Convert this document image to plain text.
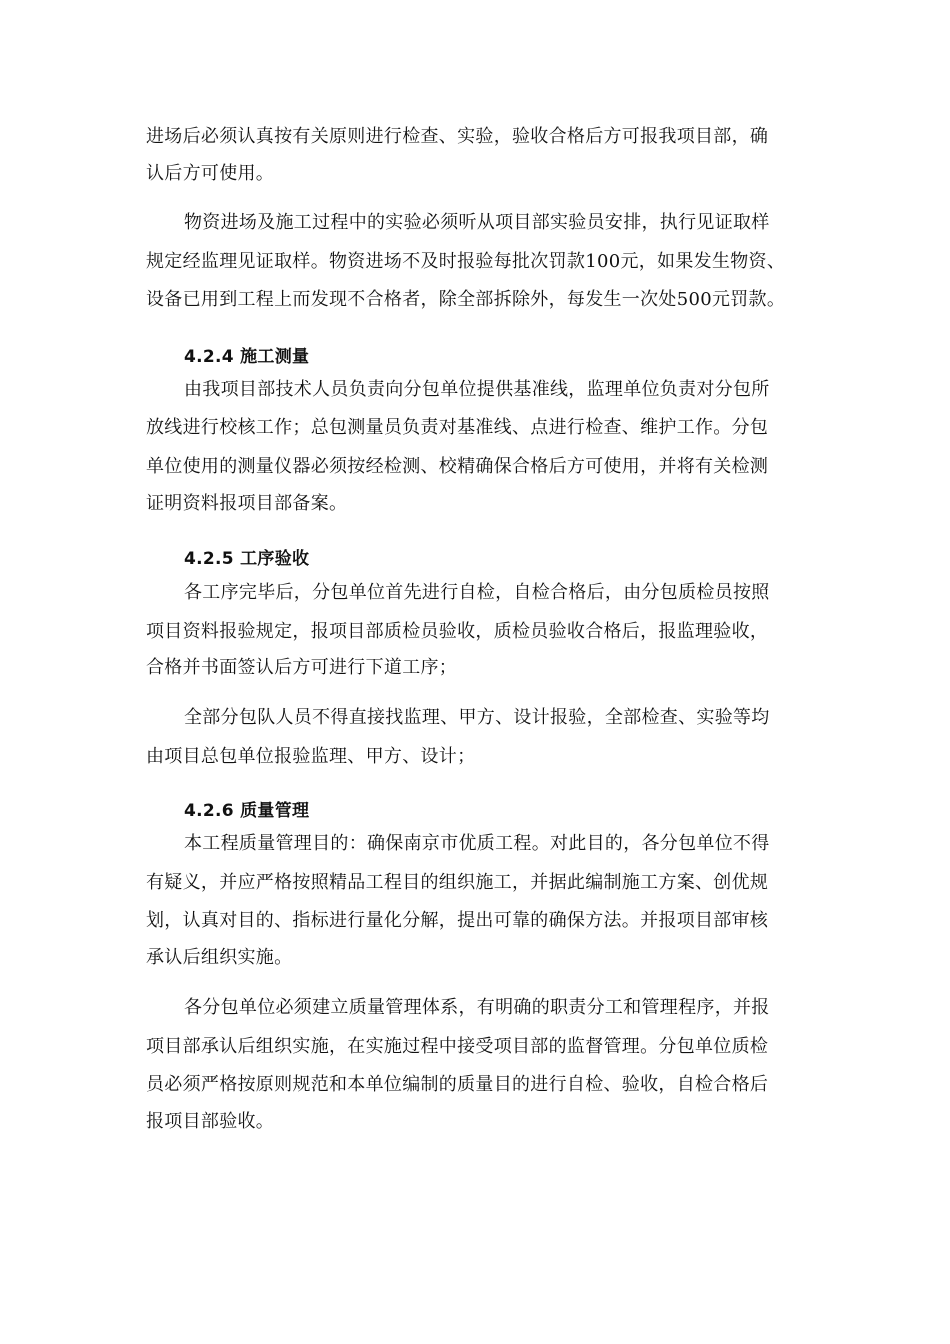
进场后必须认真按有关原则进行检查、实验，验收合格后方可报我项目部，确
认后方可使用。
物资进场及施工过程中的实验必须听从项目部实验员安排，执行见证取样
规定经监理见证取样。物资进场不及时报验每批次罚款100元，如果发生物资、
设备已用到工程上而发现不合格者，除全部拆除外，每发生一次处500元罚款。
4.2.4 施工测量
由我项目部技术人员负责向分包单位提供基准线，监理单位负责对分包所
放线进行校核工作；总包测量员负责对基准线、点进行检查、维护工作。分包
单位使用的测量仪器必须按经检测、校精确保合格后方可使用，并将有关检测
证明资料报项目部备案。
4.2.5 工序验收
各工序完毕后，分包单位首先进行自检，自检合格后，由分包质检员按照
项目资料报验规定，报项目部质检员验收，质检员验收合格后，报监理验收，
合格并书面签认后方可进行下道工序；
全部分包队人员不得直接找监理、甲方、设计报验，全部检查、实验等均
由项目总包单位报验监理、甲方、设计；
4.2.6 质量管理
本工程质量管理目的：确保南京市优质工程。对此目的，各分包单位不得
有疑义，并应严格按照精品工程目的组织施工，并据此编制施工方案、创优规
划，认真对目的、指标进行量化分解，提出可靠的确保方法。并报项目部审核
承认后组织实施。
各分包单位必须建立质量管理体系，有明确的职责分工和管理程序，并报
项目部承认后组织实施，在实施过程中接受项目部的监督管理。分包单位质检
员必须严格按原则规范和本单位编制的质量目的进行自检、验收，自检合格后
报项目部验收。
